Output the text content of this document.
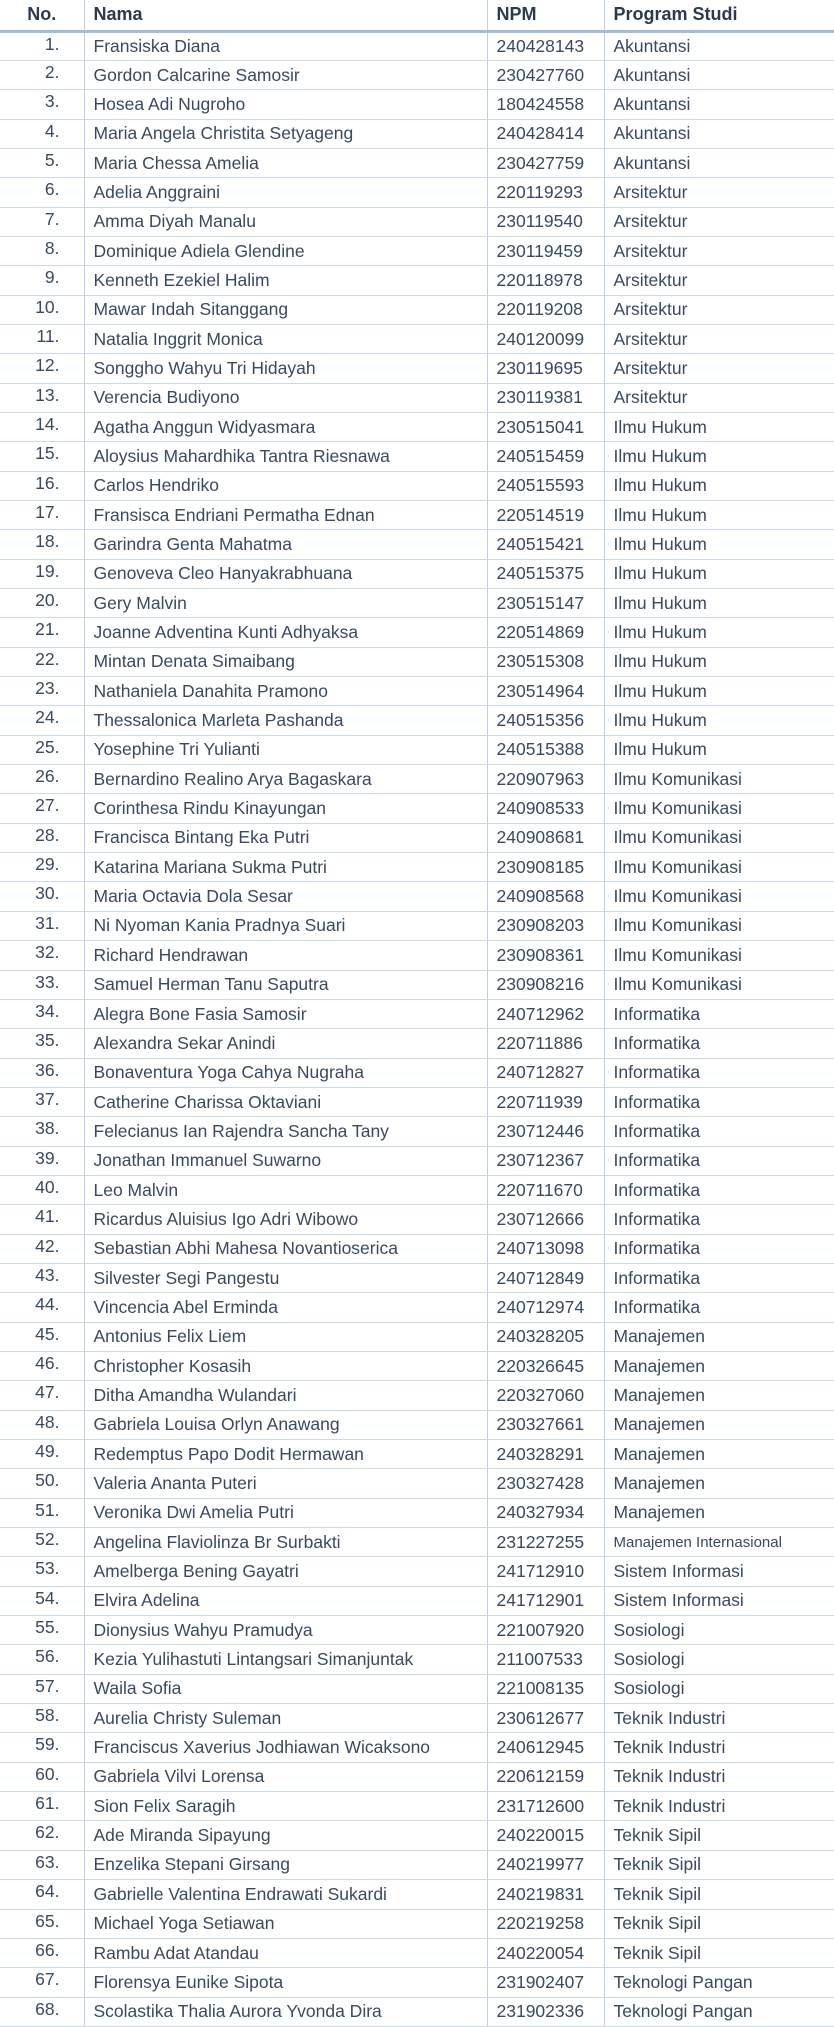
No.	Nama	NPM	Program Studi
1.	Fransiska Diana	240428143	Akuntansi
2.	Gordon Calcarine Samosir	230427760	Akuntansi
3.	Hosea Adi Nugroho	180424558	Akuntansi
4.	Maria Angela Christita Setyageng	240428414	Akuntansi
5.	Maria Chessa Amelia	230427759	Akuntansi
6.	Adelia Anggraini	220119293	Arsitektur
7.	Amma Diyah Manalu	230119540	Arsitektur
8.	Dominique Adiela Glendine	230119459	Arsitektur
9.	Kenneth Ezekiel Halim	220118978	Arsitektur
10.	Mawar Indah Sitanggang	220119208	Arsitektur
11.	Natalia Inggrit Monica	240120099	Arsitektur
12.	Songgho Wahyu Tri Hidayah	230119695	Arsitektur
13.	Verencia Budiyono	230119381	Arsitektur
14.	Agatha Anggun Widyasmara	230515041	Ilmu Hukum
15.	Aloysius Mahardhika Tantra Riesnawa	240515459	Ilmu Hukum
16.	Carlos Hendriko	240515593	Ilmu Hukum
17.	Fransisca Endriani Permatha Ednan	220514519	Ilmu Hukum
18.	Garindra Genta Mahatma	240515421	Ilmu Hukum
19.	Genoveva Cleo Hanyakrabhuana	240515375	Ilmu Hukum
20.	Gery Malvin	230515147	Ilmu Hukum
21.	Joanne Adventina Kunti Adhyaksa	220514869	Ilmu Hukum
22.	Mintan Denata Simaibang	230515308	Ilmu Hukum
23.	Nathaniela Danahita Pramono	230514964	Ilmu Hukum
24.	Thessalonica Marleta Pashanda	240515356	Ilmu Hukum
25.	Yosephine Tri Yulianti	240515388	Ilmu Hukum
26.	Bernardino Realino Arya Bagaskara	220907963	Ilmu Komunikasi
27.	Corinthesa Rindu Kinayungan	240908533	Ilmu Komunikasi
28.	Francisca Bintang Eka Putri	240908681	Ilmu Komunikasi
29.	Katarina Mariana Sukma Putri	230908185	Ilmu Komunikasi
30.	Maria Octavia Dola Sesar	240908568	Ilmu Komunikasi
31.	Ni Nyoman Kania Pradnya Suari	230908203	Ilmu Komunikasi
32.	Richard Hendrawan	230908361	Ilmu Komunikasi
33.	Samuel Herman Tanu Saputra	230908216	Ilmu Komunikasi
34.	Alegra Bone Fasia Samosir	240712962	Informatika
35.	Alexandra Sekar Anindi	220711886	Informatika
36.	Bonaventura Yoga Cahya Nugraha	240712827	Informatika
37.	Catherine Charissa Oktaviani	220711939	Informatika
38.	Felecianus Ian Rajendra Sancha Tany	230712446	Informatika
39.	Jonathan Immanuel Suwarno	230712367	Informatika
40.	Leo Malvin	220711670	Informatika
41.	Ricardus Aluisius Igo Adri Wibowo	230712666	Informatika
42.	Sebastian Abhi Mahesa Novantioserica	240713098	Informatika
43.	Silvester Segi Pangestu	240712849	Informatika
44.	Vincencia Abel Erminda	240712974	Informatika
45.	Antonius Felix Liem	240328205	Manajemen
46.	Christopher Kosasih	220326645	Manajemen
47.	Ditha Amandha Wulandari	220327060	Manajemen
48.	Gabriela Louisa Orlyn Anawang	230327661	Manajemen
49.	Redemptus Papo Dodit Hermawan	240328291	Manajemen
50.	Valeria Ananta Puteri	230327428	Manajemen
51.	Veronika Dwi Amelia Putri	240327934	Manajemen
52.	Angelina Flaviolinza Br Surbakti	231227255	Manajemen Internasional
53.	Amelberga Bening Gayatri	241712910	Sistem Informasi
54.	Elvira Adelina	241712901	Sistem Informasi
55.	Dionysius Wahyu Pramudya	221007920	Sosiologi
56.	Kezia Yulihastuti Lintangsari Simanjuntak	211007533	Sosiologi
57.	Waila Sofia	221008135	Sosiologi
58.	Aurelia Christy Suleman	230612677	Teknik Industri
59.	Franciscus Xaverius Jodhiawan Wicaksono	240612945	Teknik Industri
60.	Gabriela Vilvi Lorensa	220612159	Teknik Industri
61.	Sion Felix Saragih	231712600	Teknik Industri
62.	Ade Miranda Sipayung	240220015	Teknik Sipil
63.	Enzelika Stepani Girsang	240219977	Teknik Sipil
64.	Gabrielle Valentina Endrawati Sukardi	240219831	Teknik Sipil
65.	Michael Yoga Setiawan	220219258	Teknik Sipil
66.	Rambu Adat Atandau	240220054	Teknik Sipil
67.	Florensya Eunike Sipota	231902407	Teknologi Pangan
68.	Scolastika Thalia Aurora Yvonda Dira	231902336	Teknologi Pangan
